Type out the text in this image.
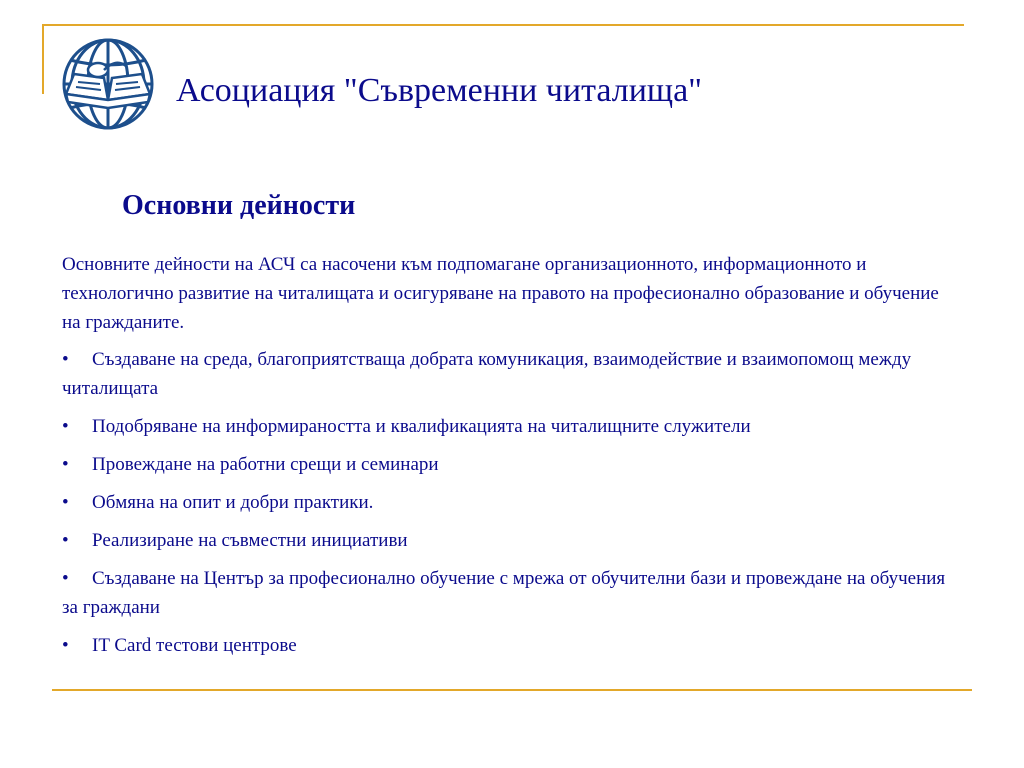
Асоциация "Съвременни читалища"
Основни дейности

Основните дейности на АСЧ са насочени към подпомагане организационното, информационното и технологично развитие на читалищата и осигуряване на правото на професионално образование и обучение на гражданите.

• Създаване на среда, благоприятстваща добрата комуникация, взаимодействие и взаимопомощ между читалищата
• Подобряване на информираността и квалификацията на читалищните служители
• Провеждане на работни срещи и семинари
• Обмяна на опит и добри практики.
• Реализиране на съвместни инициативи
• Създаване на Център за професионално обучение с мрежа от обучителни бази и провеждане на обучения за граждани
• IT Card тестови центрове
